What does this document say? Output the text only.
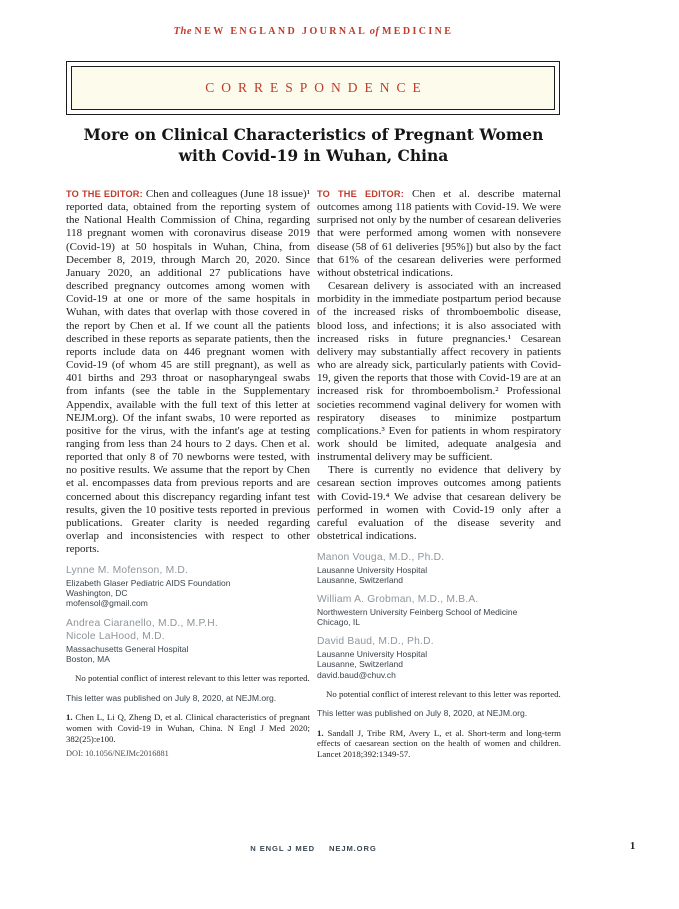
The NEW ENGLAND JOURNAL of MEDICINE
CORRESPONDENCE
More on Clinical Characteristics of Pregnant Women
with Covid-19 in Wuhan, China

TO THE EDITOR: Chen and colleagues (June 18 issue)¹ reported data, obtained from the reporting system of the National Health Commission of China, regarding 118 pregnant women with coronavirus disease 2019 (Covid-19) at 50 hospitals in Wuhan, China, from December 8, 2019, through March 20, 2020. Since January 2020, an additional 27 publications have described pregnancy outcomes among women with Covid-19 at one or more of the same hospitals in Wuhan, with dates that overlap with those covered in the report by Chen et al. If we count all the patients described in these reports as separate patients, then the reports include data on 446 pregnant women with Covid-19 (of whom 45 are still pregnant), as well as 401 births and 293 throat or nasopharyngeal swabs from infants (see the table in the Supplementary Appendix, available with the full text of this letter at NEJM.org). Of the infant swabs, 10 were reported as positive for the virus, with the infant's age at testing ranging from less than 24 hours to 2 days. Chen et al. reported that only 8 of 70 newborns were tested, with no positive results. We assume that the report by Chen et al. encompasses data from previous reports and are concerned about this discrepancy regarding infant test results, given the 10 positive tests reported in previous publications. Greater clarity is needed regarding overlap and inconsistencies with respect to other reports.

Lynne M. Mofenson, M.D.
Elizabeth Glaser Pediatric AIDS Foundation
Washington, DC
mofensol@gmail.com
Andrea Ciaranello, M.D., M.P.H.
Nicole LaHood, M.D.
Massachusetts General Hospital
Boston, MA

No potential conflict of interest relevant to this letter was reported.

This letter was published on July 8, 2020, at NEJM.org.

1. Chen L, Li Q, Zheng D, et al. Clinical characteristics of pregnant women with Covid-19 in Wuhan, China. N Engl J Med 2020; 382(25):e100.

DOI: 10.1056/NEJMc2016881

TO THE EDITOR: Chen et al. describe maternal outcomes among 118 patients with Covid-19. We were surprised not only by the number of cesarean deliveries that were performed among women with nonsevere disease (58 of 61 deliveries [95%]) but also by the fact that 61% of the cesarean deliveries were performed without obstetrical indications.

Cesarean delivery is associated with an increased morbidity in the immediate postpartum period because of the increased risks of thromboembolic disease, blood loss, and infections; it is also associated with increased risks in future pregnancies.¹ Cesarean delivery may substantially affect recovery in patients who are already sick, particularly patients with Covid-19, given the reports that those with Covid-19 are at an increased risk for thromboembolism.² Professional societies recommend vaginal delivery for women with respiratory diseases to minimize postpartum complications.³ Even for patients in whom respiratory work should be limited, adequate analgesia and instrumental delivery may be sufficient.

There is currently no evidence that delivery by cesarean section improves outcomes among patients with Covid-19.⁴ We advise that cesarean delivery be performed in women with Covid-19 only after a careful evaluation of the disease severity and obstetrical indications.

Manon Vouga, M.D., Ph.D.
Lausanne University Hospital
Lausanne, Switzerland
William A. Grobman, M.D., M.B.A.
Northwestern University Feinberg School of Medicine
Chicago, IL
David Baud, M.D., Ph.D.
Lausanne University Hospital
Lausanne, Switzerland
david.baud@chuv.ch

No potential conflict of interest relevant to this letter was reported.

This letter was published on July 8, 2020, at NEJM.org.

1. Sandall J, Tribe RM, Avery L, et al. Short-term and long-term effects of caesarean section on the health of women and children. Lancet 2018;392:1349-57.

N ENGL J MED NEJM.ORG	1
